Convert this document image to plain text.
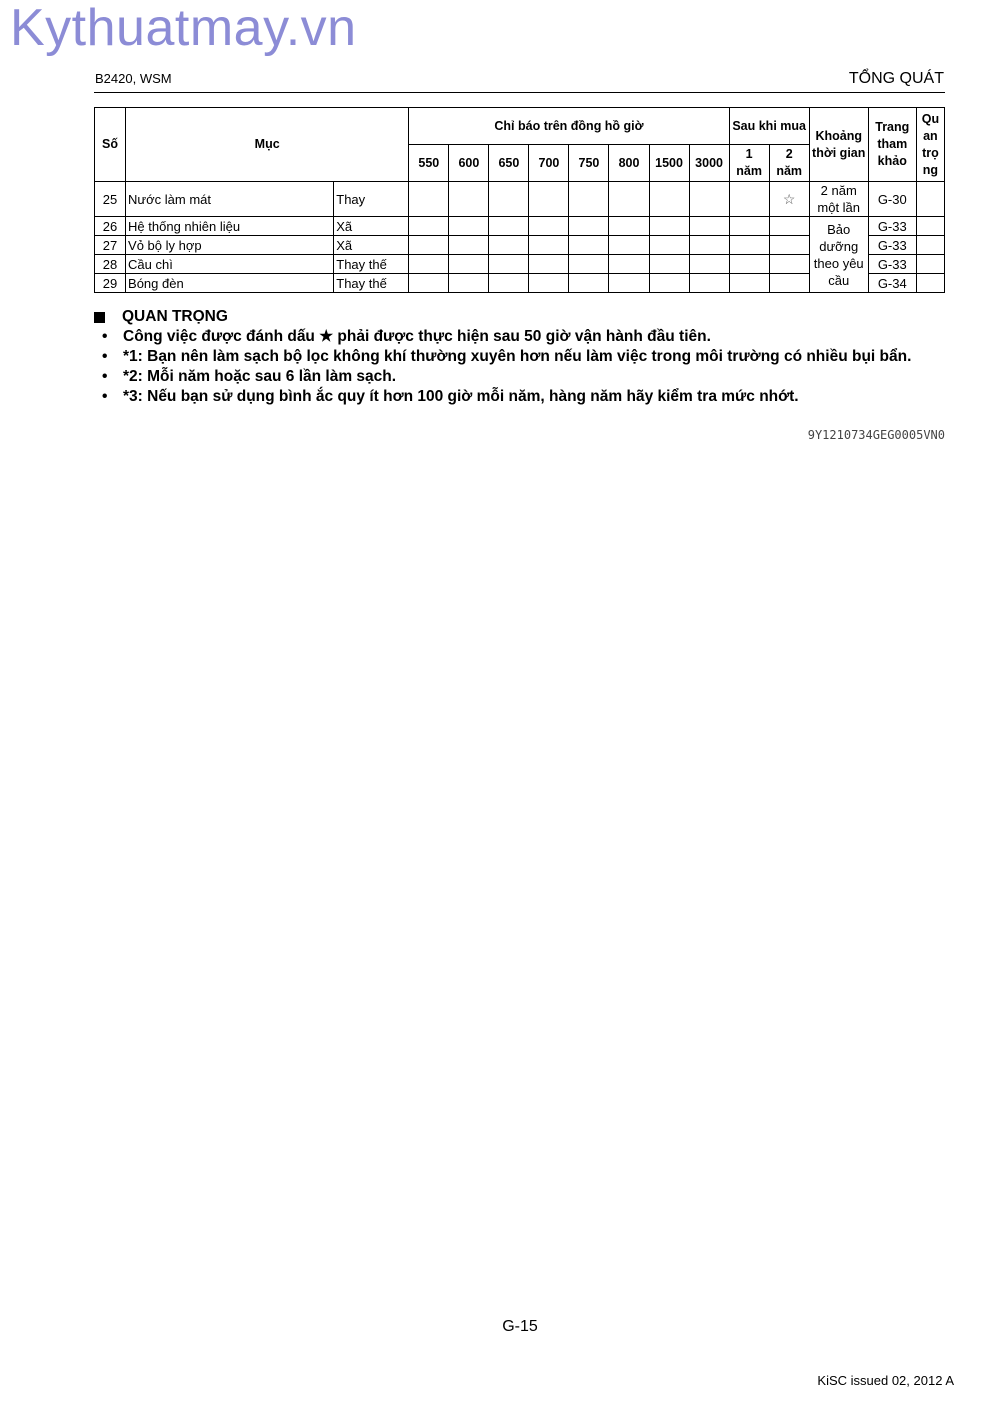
Kythuatmay.vn
B2420, WSM	TỔNG QUÁT
Số	Mục		Chỉ báo trên đồng hồ giờ								Sau khi mua		Khoảng thời gian	Trang tham khảo	Qu an trọ ng
			550	600	650	700	750	800	1500	3000	1 năm	2 năm			
25	Nước làm mát	Thay										☆	2 năm một lần	G-30	
26	Hệ thống nhiên liệu	Xã											Bảo dưỡng theo yêu cầu	G-33	
27	Vỏ bộ ly hợp	Xã												G-33	
28	Cầu chì	Thay thế												G-33	
29	Bóng đèn	Thay thế												G-34	
QUAN TRỌNG
• Công việc được đánh dấu ★ phải được thực hiện sau 50 giờ vận hành đầu tiên.
• *1: Bạn nên làm sạch bộ lọc không khí thường xuyên hơn nếu làm việc trong môi trường có nhiều bụi bẩn.
• *2: Mỗi năm hoặc sau 6 lần làm sạch.
• *3: Nếu bạn sử dụng bình ắc quy ít hơn 100 giờ mỗi năm, hàng năm hãy kiểm tra mức nhớt.
9Y1210734GEG0005VN0
G-15
KiSC issued 02, 2012 A
